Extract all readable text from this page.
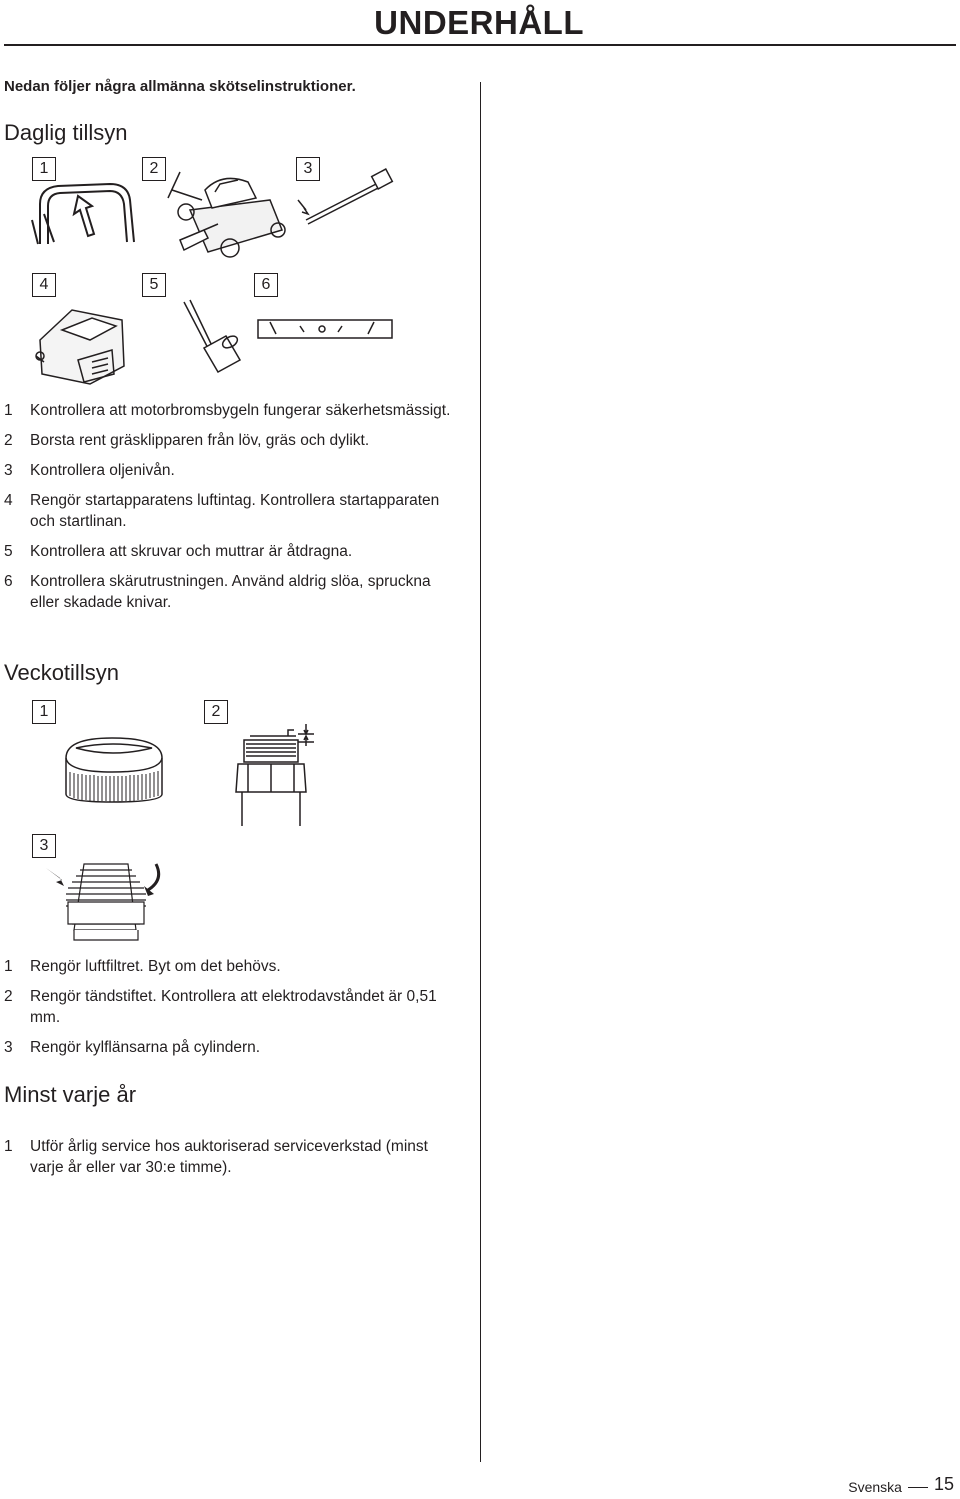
UNDERHÅLL
Nedan följer några allmänna skötselinstruktioner.
Daglig tillsyn
1	2	3
4	5	6
1 Kontrollera att motorbromsbygeln fungerar säkerhetsmässigt.
2 Borsta rent gräsklipparen från löv, gräs och dylikt.
3 Kontrollera oljenivån.
4 Rengör startapparatens luftintag. Kontrollera startapparaten och startlinan.
5 Kontrollera att skruvar och muttrar är åtdragna.
6 Kontrollera skärutrustningen. Använd aldrig slöa, spruckna eller skadade knivar.
Veckotillsyn
1	2
3
1 Rengör luftfiltret. Byt om det behövs.
2 Rengör tändstiftet. Kontrollera att elektrodavståndet är 0,51 mm.
3 Rengör kylflänsarna på cylindern.
Minst varje år
1 Utför årlig service hos auktoriserad serviceverkstad (minst varje år eller var 30:e timme).
Svenska 15
